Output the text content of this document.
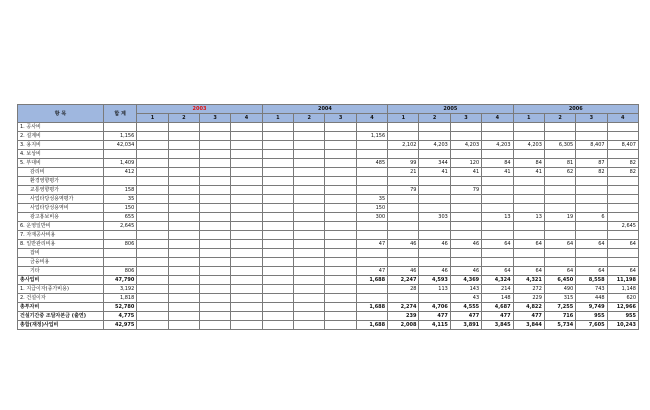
항 목	합 계	2003				2004				2005				2006			
		1	2	3	4	1	2	3	4	1	2	3	4	1	2	3	4
1. 공사비																	
2. 설계비	1,156								1,156								
3. 용지비	42,034									2,102	4,203	4,203	4,203	4,203	6,305	8,407	8,407
4. 보상비																	
5. 부대비	1,409								485	99	344	120	84	84	81	87	82
감리비	412									21	41	41	41	41	62	82	82
환경영향평가																	
교통영향평가	158									79		79					
사업타당성용역평가	35								35								
사업타당성용역비	150								150								
광고홍보비용	655								300		303		13	13	19	6	
6. 운영일반비	2,645																2,645
7. 자재공사비용																	
8. 일반관리비용	806								47	46	46	46	64	64	64	64	64
잡비																	
금융비용																	
기타	806								47	46	46	46	64	64	64	64	64
총사업비	47,790								1,688	2,247	4,593	4,369	4,324	4,321	6,450	8,558	11,198
1. 지급이자(종가비용)	3,192									28	113	143	214	272	490	743	1,148
2. 건설이자	1,818											43	148	229	315	448	620
총투자비	52,780								1,688	2,274	4,706	4,555	4,687	4,822	7,255	9,749	12,966
건설기간중 조달자본금 (출연)	4,775									239	477	477	477	477	716	955	955
총합(재정)사업비	42,975								1,688	2,008	4,115	3,891	3,845	3,844	5,734	7,605	10,243
